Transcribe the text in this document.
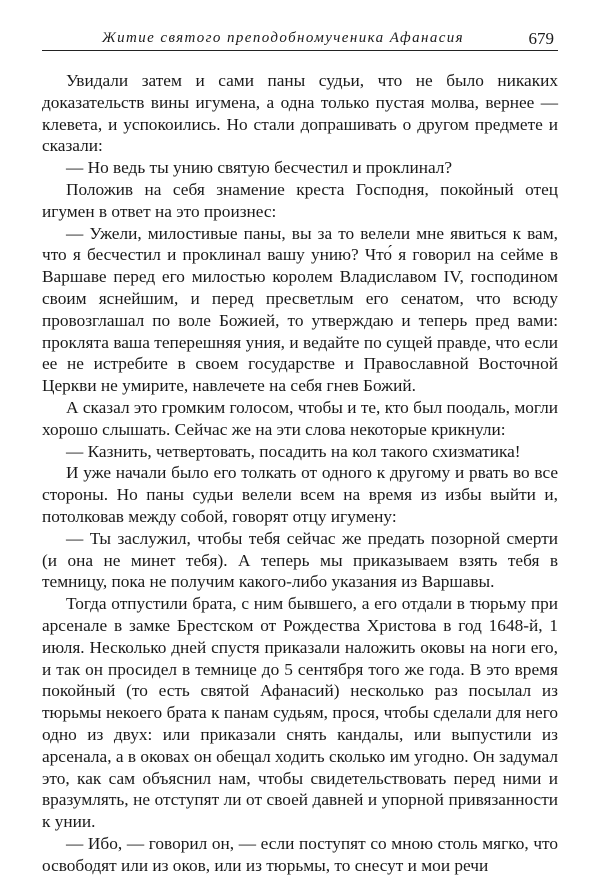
Житие святого преподобномученика Афанасия	679

Увидали затем и сами паны судьи, что не было никаких доказательств вины игумена, а одна только пустая молва, вернее — клевета, и успокоились. Но стали допрашивать о другом предмете и сказали:

— Но ведь ты унию святую бесчестил и проклинал?

Положив на себя знамение креста Господня, покойный отец игумен в ответ на это произнес:

— Ужели, милостивые паны, вы за то велели мне явиться к вам, что я бесчестил и проклинал вашу унию? Что́ я говорил на сейме в Варшаве перед его милостью королем Владиславом IV, господином своим яснейшим, и перед пресветлым его сенатом, что всюду провозглашал по воле Божией, то утверждаю и теперь пред вами: проклята ваша теперешняя уния, и ведайте по сущей правде, что если ее не истребите в своем государстве и Православной Восточной Церкви не умирите, навлечете на себя гнев Божий.

А сказал это громким голосом, чтобы и те, кто был поодаль, могли хорошо слышать. Сейчас же на эти слова некоторые крикнули:

— Казнить, четвертовать, посадить на кол такого схизматика!

И уже начали было его толкать от одного к другому и рвать во все стороны. Но паны судьи велели всем на время из избы выйти и, потолковав между собой, говорят отцу игумену:

— Ты заслужил, чтобы тебя сейчас же предать позорной смерти (и она не минет тебя). А теперь мы приказываем взять тебя в темницу, пока не получим какого-либо указания из Варшавы.

Тогда отпустили брата, с ним бывшего, а его отдали в тюрьму при арсенале в замке Брестском от Рождества Христова в год 1648-й, 1 июля. Несколько дней спустя приказали наложить оковы на ноги его, и так он просидел в темнице до 5 сентября того же года. В это время покойный (то есть святой Афанасий) несколько раз посылал из тюрьмы некоего брата к панам судьям, прося, чтобы сделали для него одно из двух: или приказали снять кандалы, или выпустили из арсенала, а в оковах он обещал ходить сколько им угодно. Он задумал это, как сам объяснил нам, чтобы свидетельствовать перед ними и вразумлять, не отступят ли от своей давней и упорной привязанности к унии.

— Ибо, — говорил он, — если поступят со мною столь мягко, что освободят или из оков, или из тюрьмы, то снесут и мои речи
